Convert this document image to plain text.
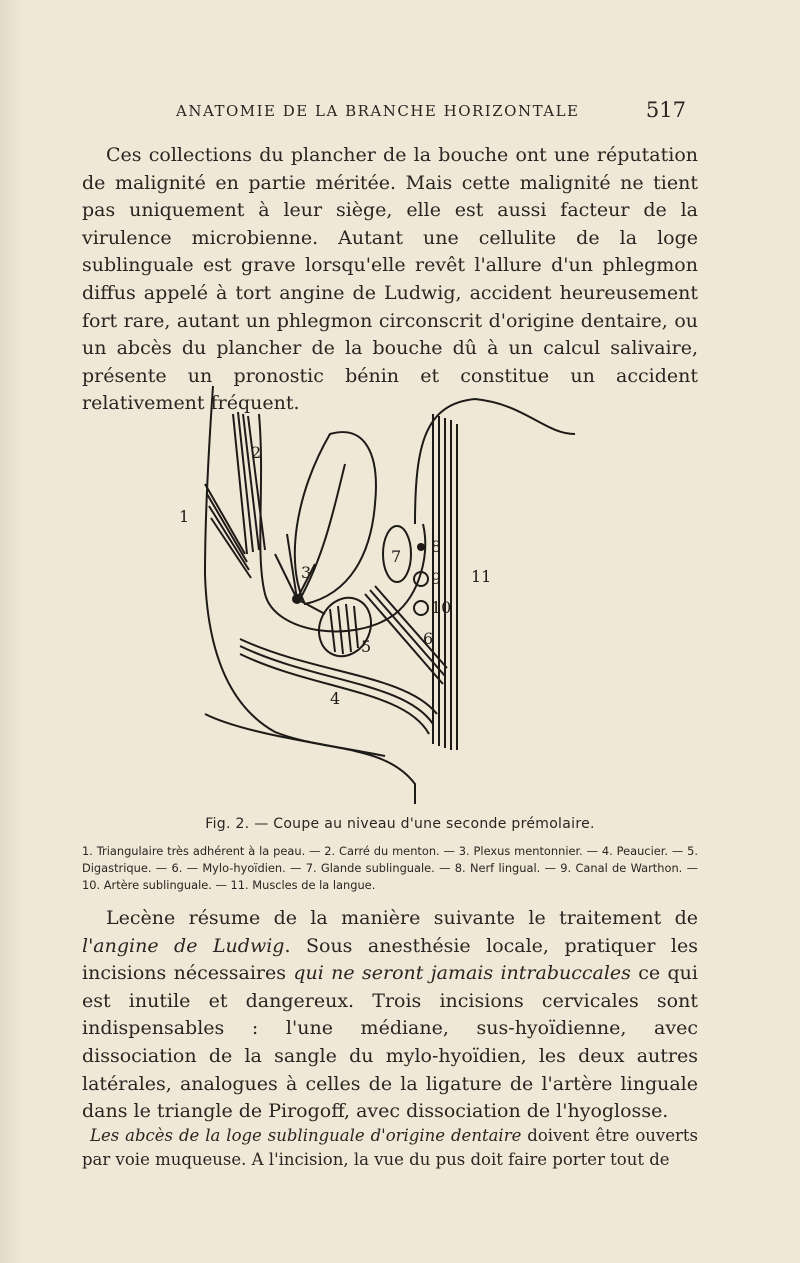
ANATOMIE DE LA BRANCHE HORIZONTALE	517

Ces collections du plancher de la bouche ont une réputation de malignité en partie méritée. Mais cette malignité ne tient pas uniquement à leur siège, elle est aussi facteur de la virulence microbienne. Autant une cellulite de la loge sublinguale est grave lorsqu'elle revêt l'allure d'un phlegmon diffus appelé à tort angine de Ludwig, accident heureusement fort rare, autant un phlegmon circonscrit d'origine dentaire, ou un abcès du plancher de la bouche dû à un calcul salivaire, présente un pronostic bénin et constitue un accident relativement fréquent.

1
2
3
4
5	6
7
8
9
10
11
Fig. 2. — Coupe au niveau d'une seconde prémolaire.

1. Triangulaire très adhérent à la peau. — 2. Carré du menton. — 3. Plexus mentonnier. — 4. Peaucier. — 5. Digastrique. — 6. — Mylo-hyoïdien. — 7. Glande sublinguale. — 8. Nerf lingual. — 9. Canal de Warthon. — 10. Artère sublinguale. — 11. Muscles de la langue.

Lecène résume de la manière suivante le traitement de l'angine de Ludwig. Sous anesthésie locale, pratiquer les incisions nécessaires qui ne seront jamais intrabuccales ce qui est inutile et dangereux. Trois incisions cervicales sont indispensables : l'une médiane, sus-hyoïdienne, avec dissociation de la sangle du mylo-hyoïdien, les deux autres latérales, analogues à celles de la ligature de l'artère linguale dans le triangle de Pirogoff, avec dissociation de l'hyoglosse.

Les abcès de la loge sublinguale d'origine dentaire doivent être ouverts par voie muqueuse. A l'incision, la vue du pus doit faire porter tout de
